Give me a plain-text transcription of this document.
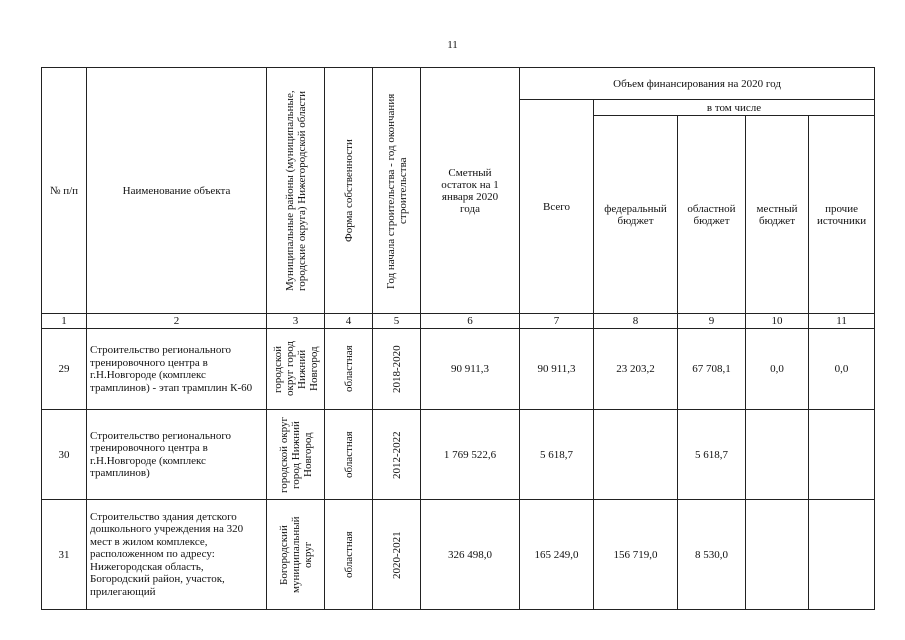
11
№ п/п	Наименование объекта	Муниципальные районы (муниципальные, городские округа) Нижегородской области	Форма собственности	Год начала строительства - год окончания строительства	Сметный остаток на 1 января 2020 года	Объем финансирования на 2020 год				

						Всего	в том числе			

							федеральный бюджет	областной бюджет	местный бюджет	прочие источники

1	2	3	4	5	6	7	8	9	10	11
29	Строительство регионального тренировочного центра в г.Н.Новгороде (комплекс трамплинов) - этап трамплин К-60	городской округ город Нижний Новгород	областная	2018-2020	90 911,3	90 911,3	23 203,2	67 708,1	0,0	0,0
30	Строительство регионального тренировочного центра в г.Н.Новгороде (комплекс трамплинов)	городской округ город Нижний Новгород	областная	2012-2022	1 769 522,6	5 618,7		5 618,7		
31	Строительство здания детского дошкольного учреждения на 320 мест в жилом комплексе, расположенном по адресу: Нижегородская область, Богородский район, участок, прилегающий	Богородский муниципальный округ	областная	2020-2021	326 498,0	165 249,0	156 719,0	8 530,0		
